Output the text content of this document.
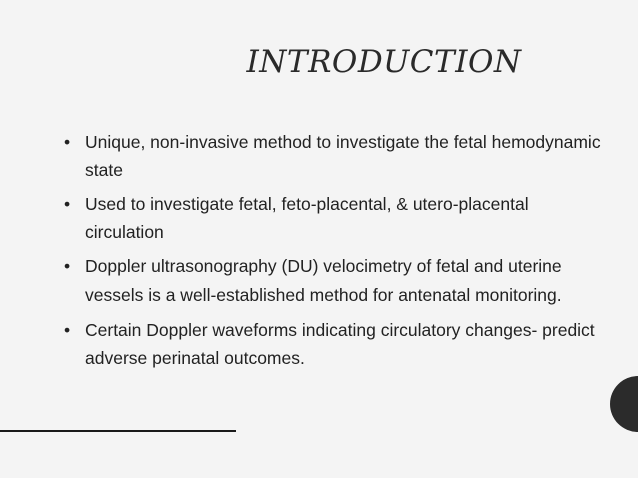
INTRODUCTION
• Unique, non-invasive method to investigate the fetal hemodynamic state
• Used to investigate fetal, feto-placental, & utero-placental circulation
• Doppler ultrasonography (DU) velocimetry of fetal and uterine vessels is a well-established method for antenatal monitoring.
• Certain Doppler waveforms indicating circulatory changes- predict adverse perinatal outcomes.
